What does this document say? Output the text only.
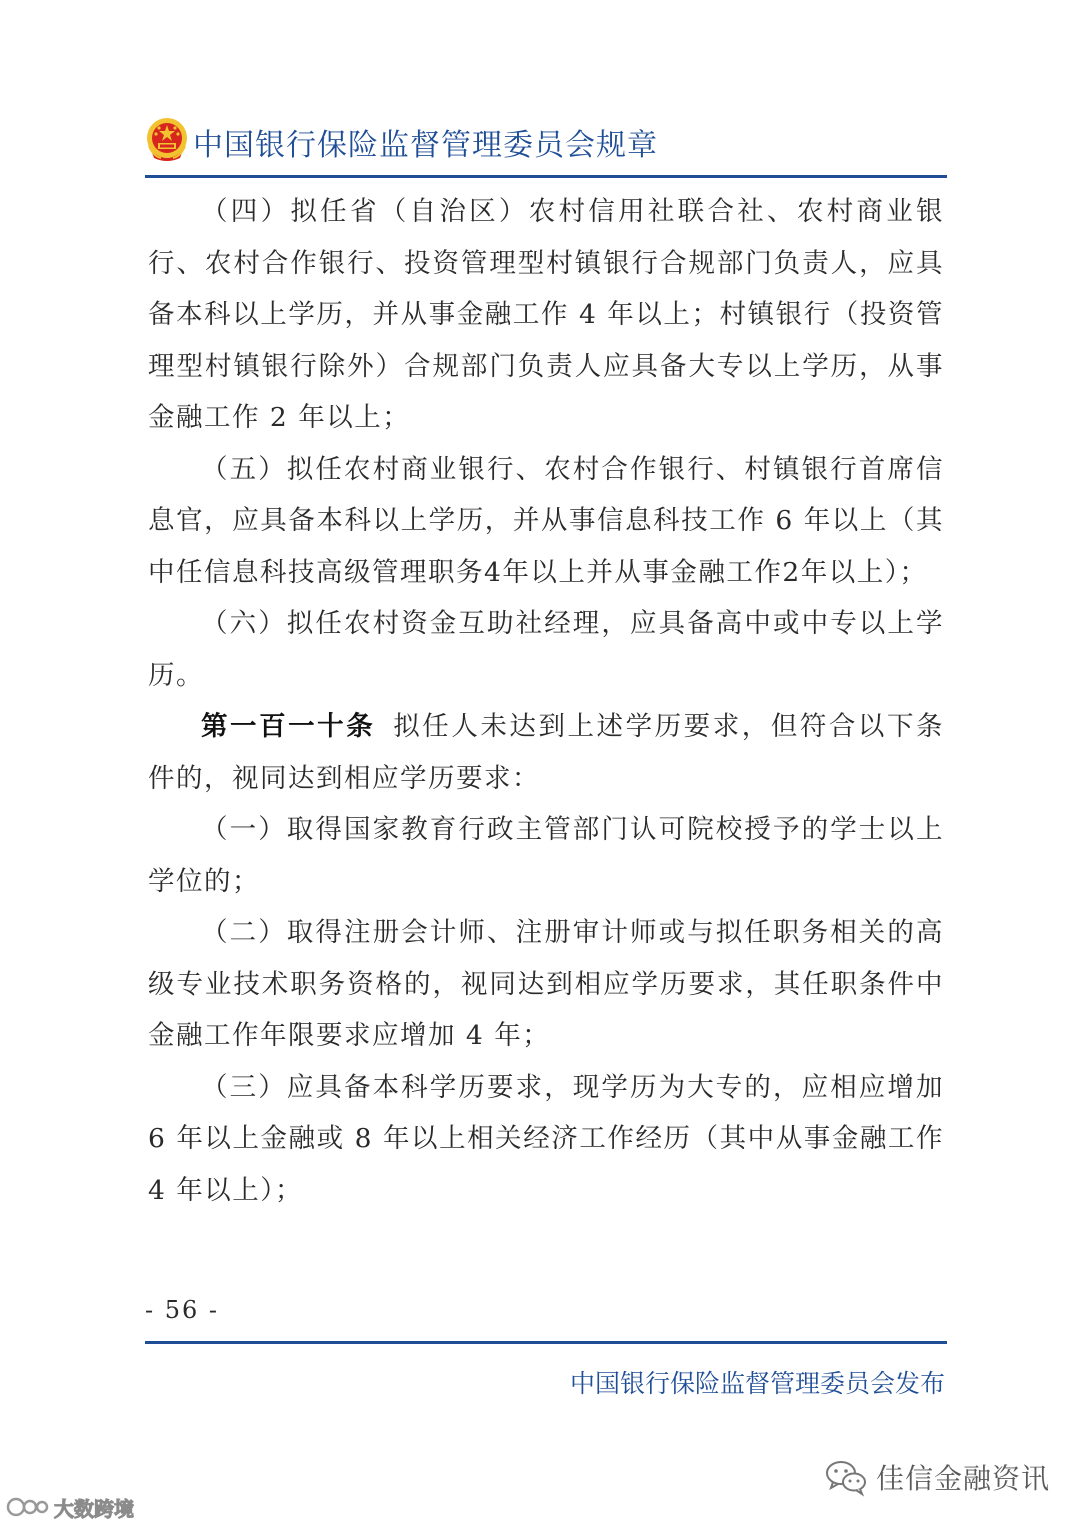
中国银行保险监督管理委员会规章

（四）拟任省（自治区）农村信用社联合社、农村商业银行、农村合作银行、投资管理型村镇银行合规部门负责人，应具备本科以上学历，并从事金融工作 4 年以上；村镇银行（投资管理型村镇银行除外）合规部门负责人应具备大专以上学历，从事金融工作 2 年以上；

（五）拟任农村商业银行、农村合作银行、村镇银行首席信息官，应具备本科以上学历，并从事信息科技工作 6 年以上（其中任信息科技高级管理职务4年以上并从事金融工作2年以上）；

（六）拟任农村资金互助社经理，应具备高中或中专以上学历。

第一百一十条 拟任人未达到上述学历要求，但符合以下条件的，视同达到相应学历要求：

（一）取得国家教育行政主管部门认可院校授予的学士以上学位的；

（二）取得注册会计师、注册审计师或与拟任职务相关的高级专业技术职务资格的，视同达到相应学历要求，其任职条件中金融工作年限要求应增加 4 年；

（三）应具备本科学历要求，现学历为大专的，应相应增加 6 年以上金融或 8 年以上相关经济工作经历（其中从事金融工作 4 年以上）；

- 56 -
中国银行保险监督管理委员会发布
大数跨境
佳信金融资讯
